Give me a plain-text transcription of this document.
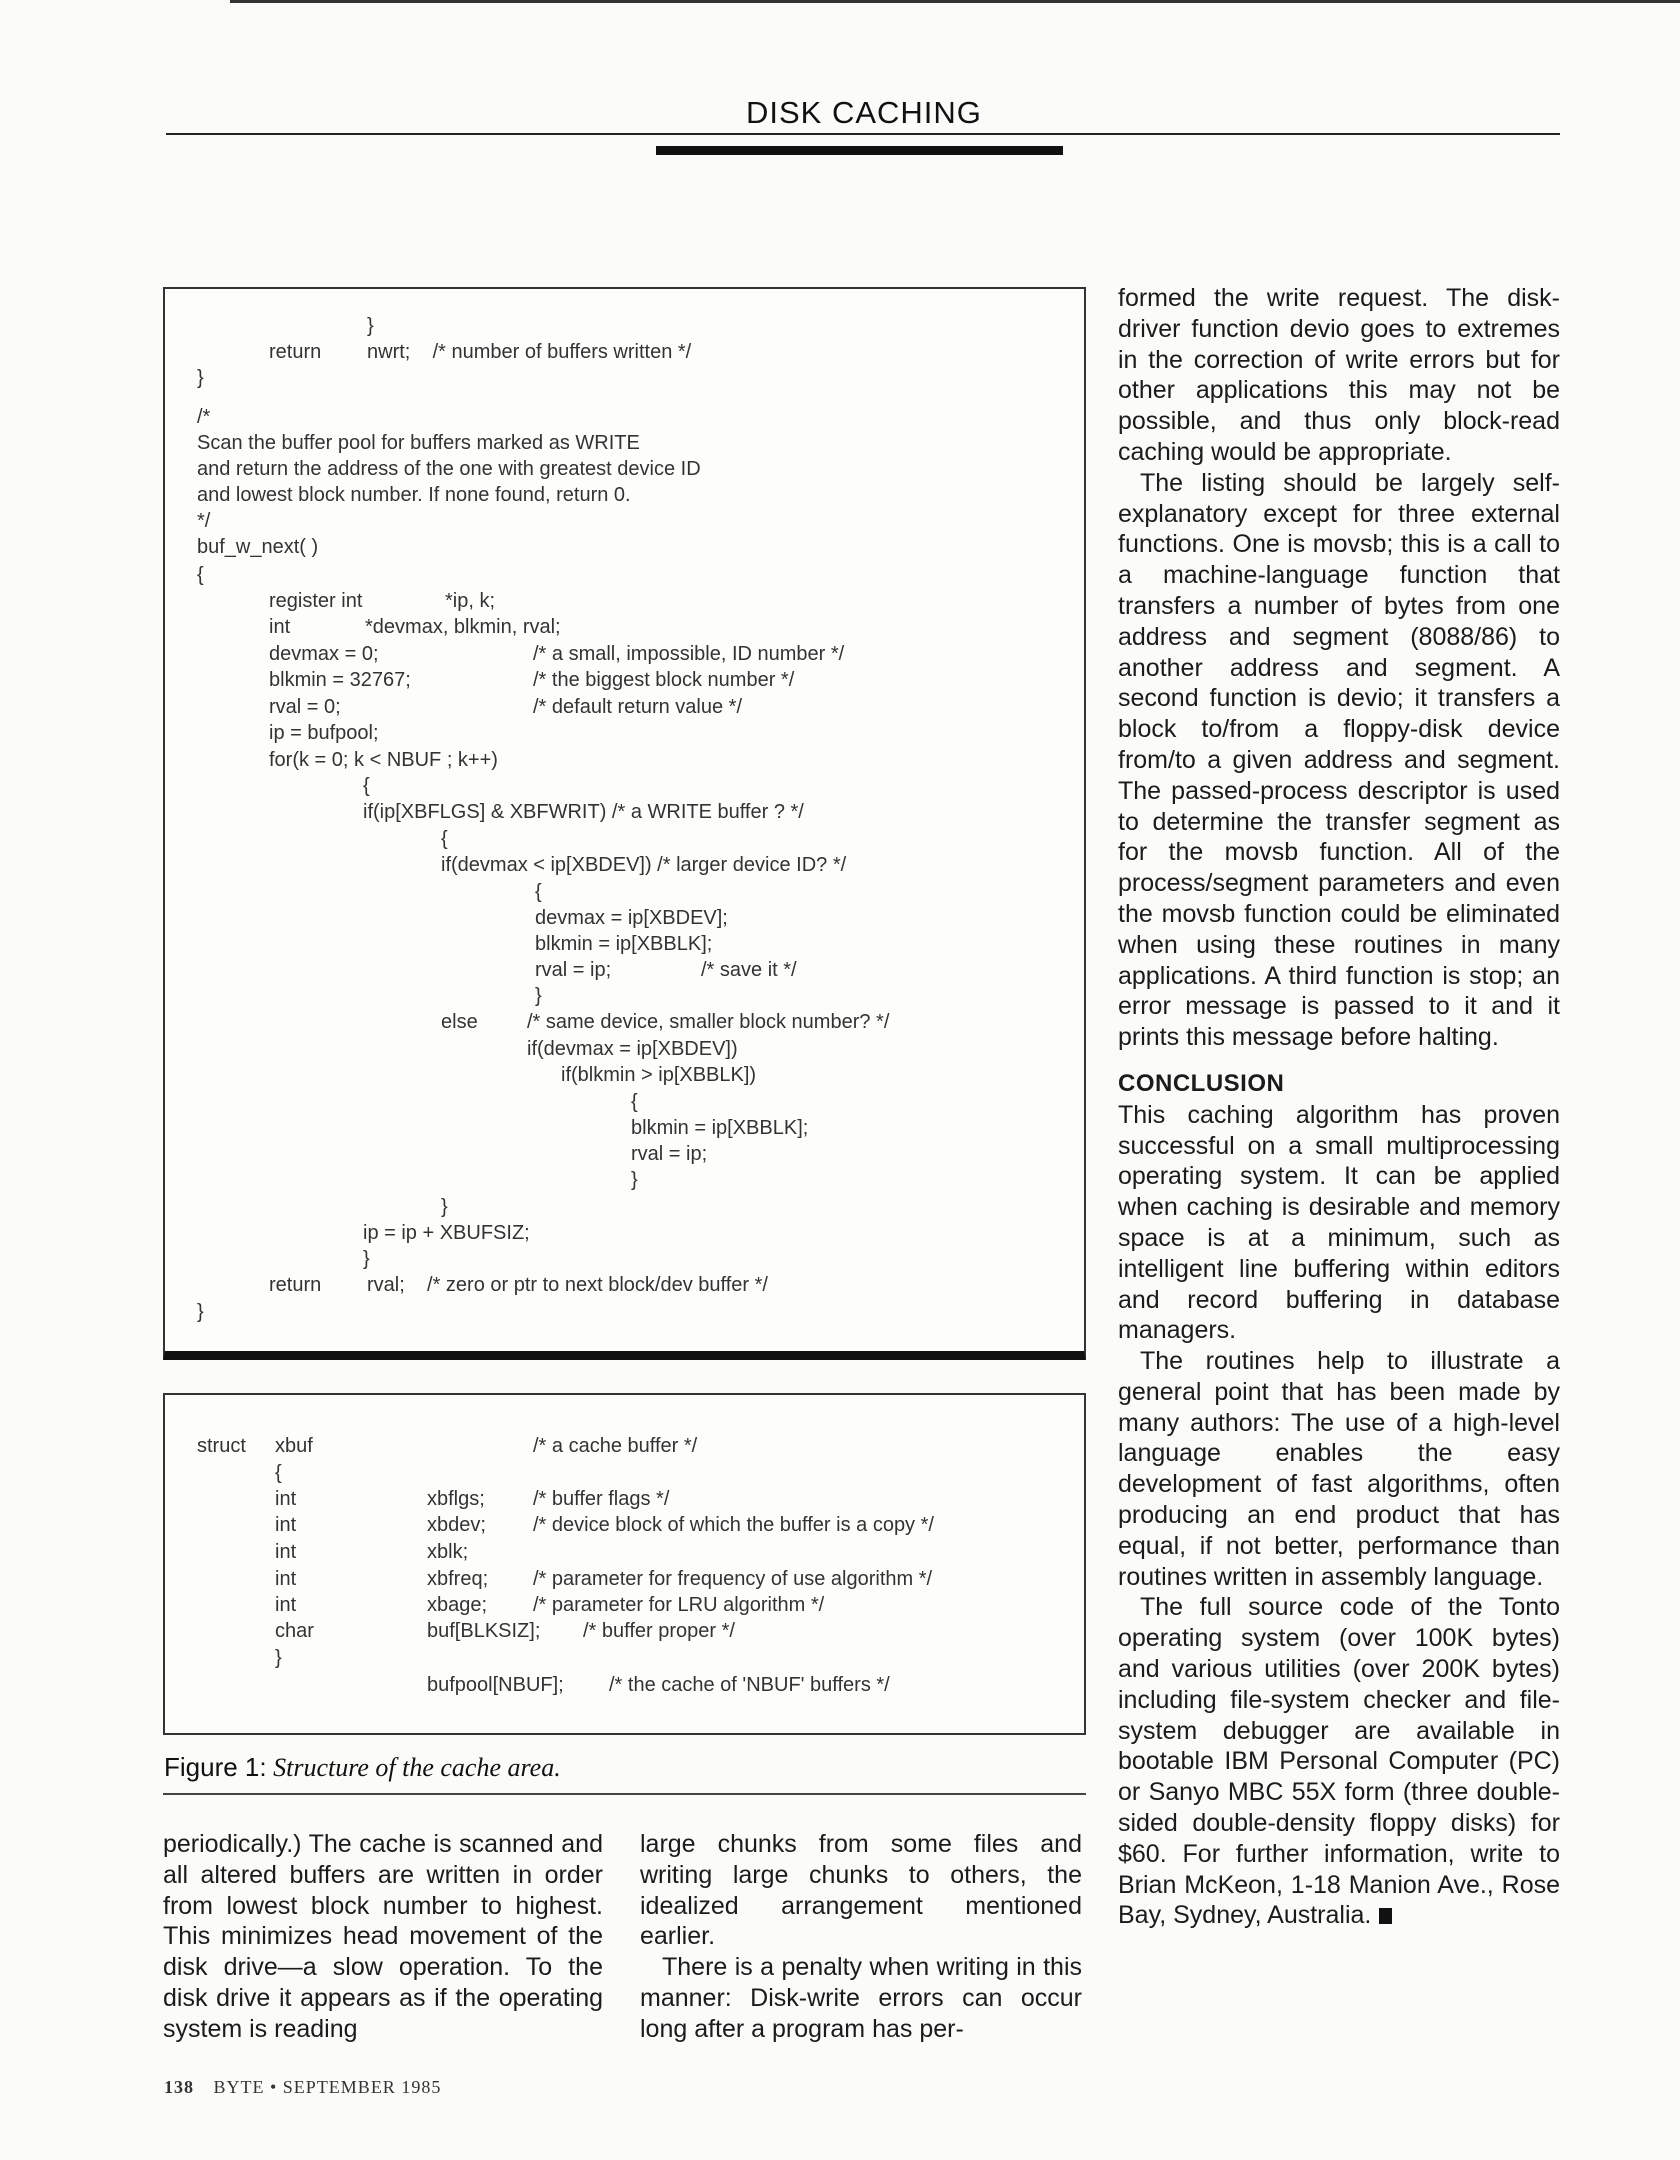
DISK CACHING
}
return nwrt;    /* number of buffers written */
}
/*
Scan the buffer pool for buffers marked as WRITE
and return the address of the one with greatest device ID
and lowest block number. If none found, return 0.
*/
buf_w_next( )
{
register int	*ip, k;
int	*devmax, blkmin, rval;
devmax = 0;	/* a small, impossible, ID number */
blkmin = 32767;	/* the biggest block number */
rval = 0;	/* default return value */
ip = bufpool;
for(k = 0; k < NBUF ; k++)
{
if(ip[XBFLGS] & XBFWRIT) /* a WRITE buffer ? */
{
if(devmax < ip[XBDEV]) /* larger device ID? */
{
devmax = ip[XBDEV];
blkmin = ip[XBBLK];
rval = ip;	/* save it */
}
else /* same device, smaller block number? */
if(devmax = ip[XBDEV])
if(blkmin > ip[XBBLK])
{
blkmin = ip[XBBLK];
rval = ip;
}
}
ip = ip + XBUFSIZ;
}
return rval;    /* zero or ptr to next block/dev buffer */
}
struct xbuf	/* a cache buffer */
{
int	xbflgs; /* buffer flags */
int	xbdev; /* device block of which the buffer is a copy */
int	xblk;
int	xbfreq; /* parameter for frequency of use algorithm */
int	xbage; /* parameter for LRU algorithm */
char	buf[BLKSIZ]; /* buffer proper */
}
bufpool[NBUF]; /* the cache of 'NBUF' buffers */
Figure 1: Structure of the cache area.

periodically.) The cache is scanned and all altered buffers are written in order from lowest block number to highest. This minimizes head movement of the disk drive—a slow operation. To the disk drive it appears as if the operating system is reading

large chunks from some files and writing large chunks to others, the idealized arrangement mentioned earlier.

There is a penalty when writing in this manner: Disk-write errors can occur long after a program has per-

formed the write request. The disk-driver function devio goes to extremes in the correction of write errors but for other applications this may not be possible, and thus only block-read caching would be appropriate.

The listing should be largely self-explanatory except for three external functions. One is movsb; this is a call to a machine-language function that transfers a number of bytes from one address and segment (8088/86) to another address and segment. A second function is devio; it transfers a block to/from a floppy-disk device from/to a given address and segment. The passed-process descriptor is used to determine the transfer segment as for the movsb function. All of the process/segment parameters and even the movsb function could be eliminated when using these routines in many applications. A third function is stop; an error message is passed to it and it prints this message before halting.

CONCLUSION

This caching algorithm has proven successful on a small multiprocessing operating system. It can be applied when caching is desirable and memory space is at a minimum, such as intelligent line buffering within editors and record buffering in database managers.

The routines help to illustrate a general point that has been made by many authors: The use of a high-level language enables the easy development of fast algorithms, often producing an end product that has equal, if not better, performance than routines written in assembly language.

The full source code of the Tonto operating system (over 100K bytes) and various utilities (over 200K bytes) including file-system checker and file-system debugger are available in bootable IBM Personal Computer (PC) or Sanyo MBC 55X form (three double-sided double-density floppy disks) for $60. For further information, write to Brian McKeon, 1-18 Manion Ave., Rose Bay, Sydney, Australia.

138 BYTE • SEPTEMBER 1985
